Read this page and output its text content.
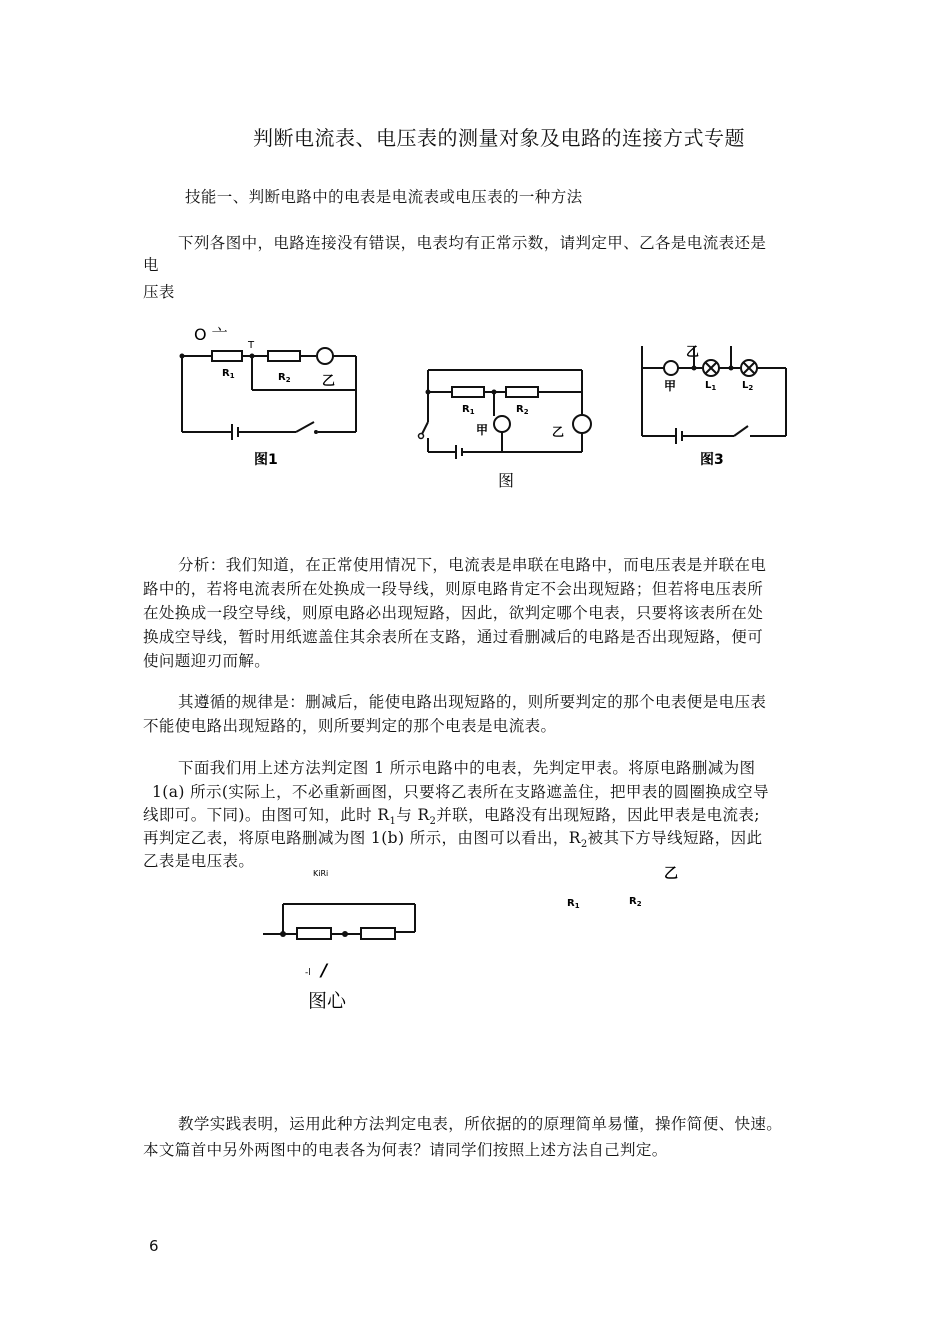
判断电流表、电压表的测量对象及电路的连接方式专题
技能一、判断电路中的电表是电流表或电压表的一种方法
下列各图中，电路连接没有错误，电表均有正常示数，请判定甲、乙各是电流表还是
电
压表
O 亠
T
$R_1$	$R_2$ 乙
图1
$R_1$	$R_2$
甲	乙
图
乙
甲	$L_1$	$L_2$
图3
分析：我们知道，在正常使用情况下，电流表是串联在电路中，而电压表是并联在电
路中的，若将电流表所在处换成一段导线，则原电路肯定不会出现短路；但若将电压表所
在处换成一段空导线，则原电路必出现短路，因此，欲判定哪个电表，只要将该表所在处
换成空导线，暂时用纸遮盖住其余表所在支路，通过看删减后的电路是否出现短路，便可
使问题迎刃而解。
其遵循的规律是：删减后，能使电路出现短路的，则所要判定的那个电表便是电压表
不能使电路出现短路的，则所要判定的那个电表是电流表。
下面我们用上述方法判定图 1 所示电路中的电表，先判定甲表。将原电路删减为图
1(a) 所示(实际上，不必重新画图，只要将乙表所在支路遮盖住，把甲表的圆圈换成空导
线即可。下同)。由图可知，此时 $R_1$与 $R_2$并联，电路没有出现短路，因此甲表是电流表;
再判定乙表，将原电路删减为图 1(b) 所示，由图可以看出，$R_2$被其下方导线短路，因此
乙表是电压表。
KiRi
-l /
图心
乙
$R_1$	$R_2$
教学实践表明，运用此种方法判定电表，所依据的的原理简单易懂，操作简便、快速。
本文篇首中另外两图中的电表各为何表？请同学们按照上述方法自己判定。
6
